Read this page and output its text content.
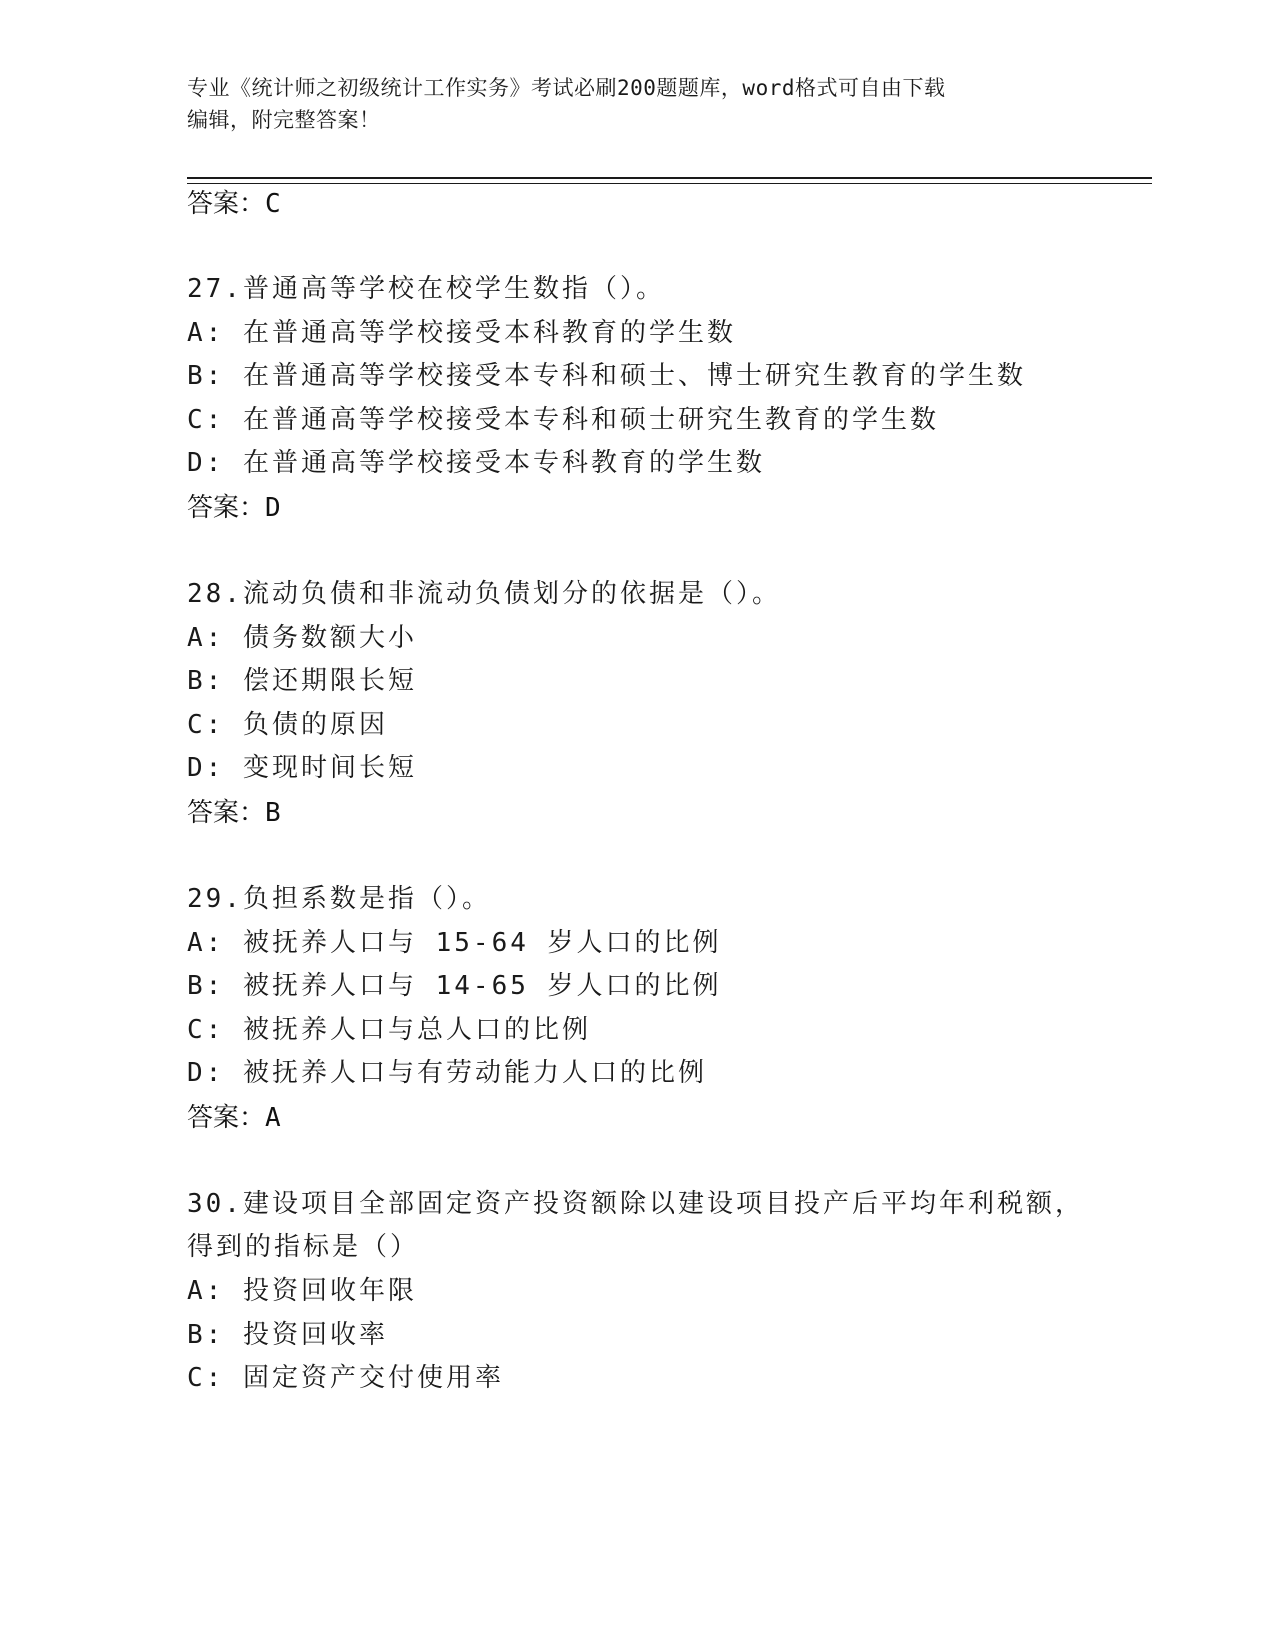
专业《统计师之初级统计工作实务》考试必刷200题题库，word格式可自由下载
编辑，附完整答案！
答案：C
27.普通高等学校在校学生数指（）。
A: 在普通高等学校接受本科教育的学生数
B: 在普通高等学校接受本专科和硕士、博士研究生教育的学生数
C: 在普通高等学校接受本专科和硕士研究生教育的学生数
D: 在普通高等学校接受本专科教育的学生数
答案：D
28.流动负债和非流动负债划分的依据是（）。
A: 债务数额大小
B: 偿还期限长短
C: 负债的原因
D: 变现时间长短
答案：B
29.负担系数是指（）。
A: 被抚养人口与 15-64 岁人口的比例
B: 被抚养人口与 14-65 岁人口的比例
C: 被抚养人口与总人口的比例
D: 被抚养人口与有劳动能力人口的比例
答案：A
30.建设项目全部固定资产投资额除以建设项目投产后平均年利税额，
得到的指标是（）
A: 投资回收年限
B: 投资回收率
C: 固定资产交付使用率
